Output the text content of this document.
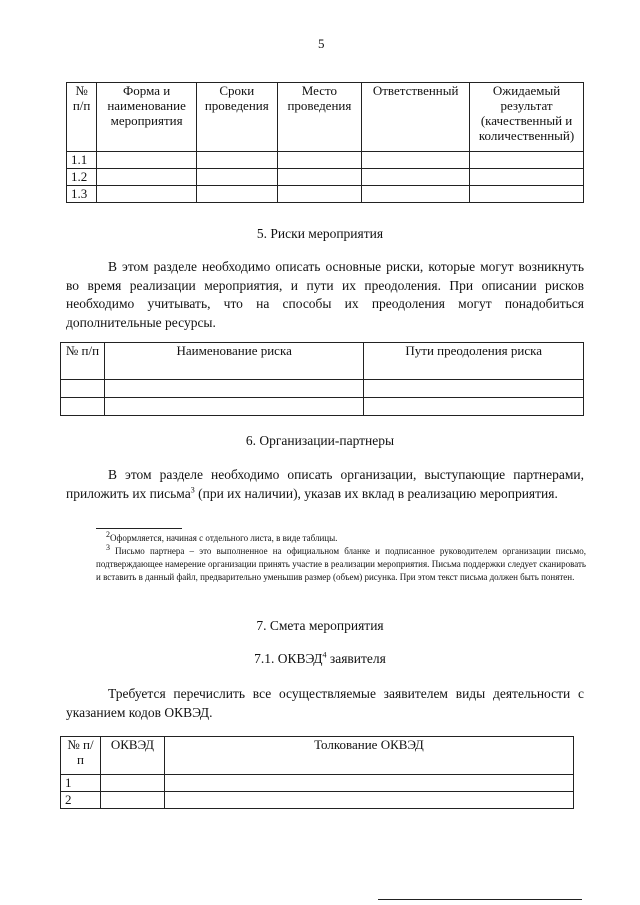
5
№ п/п	Форма и наименование мероприятия	Сроки проведения	Место проведения	Ответственный	Ожидаемый результат (качественный и количественный)
1.1					
1.2					
1.3					
5. Риски мероприятия
В этом разделе необходимо описать основные риски, которые могут возникнуть во время реализации мероприятия, и пути их преодоления. При описании рисков необходимо учитывать, что на способы их преодоления могут понадобиться дополнительные ресурсы.
№ п/п	Наименование риска	Пути преодоления риска

6. Организации-партнеры
В этом разделе необходимо описать организации, выступающие партнерами, приложить их письма$^3$ (при их наличии), указав их вклад в реализацию мероприятия.

$^2$Оформляется, начиная с отдельного листа, в виде таблицы.

$^3$ Письмо партнера – это выполненное на официальном бланке и подписанное руководителем организации письмо, подтверждающее намерение организации принять участие в реализации мероприятия. Письма поддержки следует сканировать и вставить в данный файл, предварительно уменьшив размер (объем) рисунка. При этом текст письма должен быть понятен.

7. Смета мероприятия
7.1. ОКВЭД$^4$ заявителя
Требуется перечислить все осуществляемые заявителем виды деятельности с указанием кодов ОКВЭД.
№ п/п	ОКВЭД	Толкование ОКВЭД
1		
2		
